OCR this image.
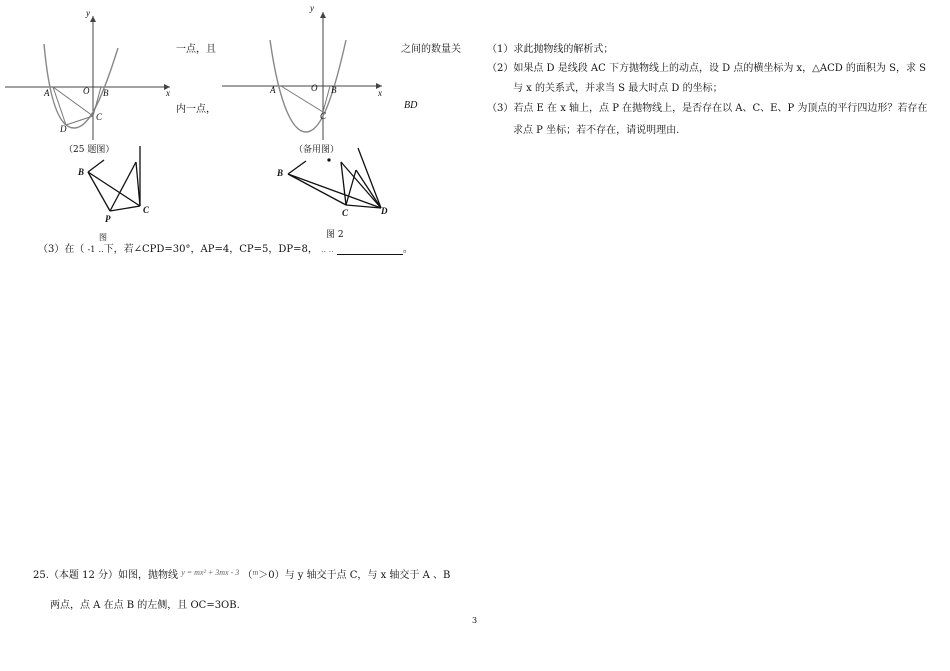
y
x
A	O B
C
D
y
x
A	O B
C
B
P
C
B
C	D
一点，且	之间的数量关
内一点，	BD
（25 题图）	（备用图）
图 2
图
（3）在（ -1 ..下，若∠CPD=30°，AP=4，CP=5，DP=8， .. ..	。
25.（本题 12 分）如图，抛物线 $^{y = mx^2 + 3mx - 3}$ （$^m$＞0）与 y 轴交于点 C，与 x 轴交于 A 、B
两点，点 A 在点 B 的左侧，且 OC=3OB.
3
（1）求此抛物线的解析式；
（2）如果点 D 是线段 AC 下方抛物线上的动点，设 D 点的横坐标为 x，△ACD 的面积为 S，求 S
与 x 的关系式，并求当 S 最大时点 D 的坐标；
（3）若点 E 在 x 轴上，点 P 在抛物线上，是否存在以 A、C、E、P 为顶点的平行四边形？若存在
求点 P 坐标；若不存在，请说明理由.
